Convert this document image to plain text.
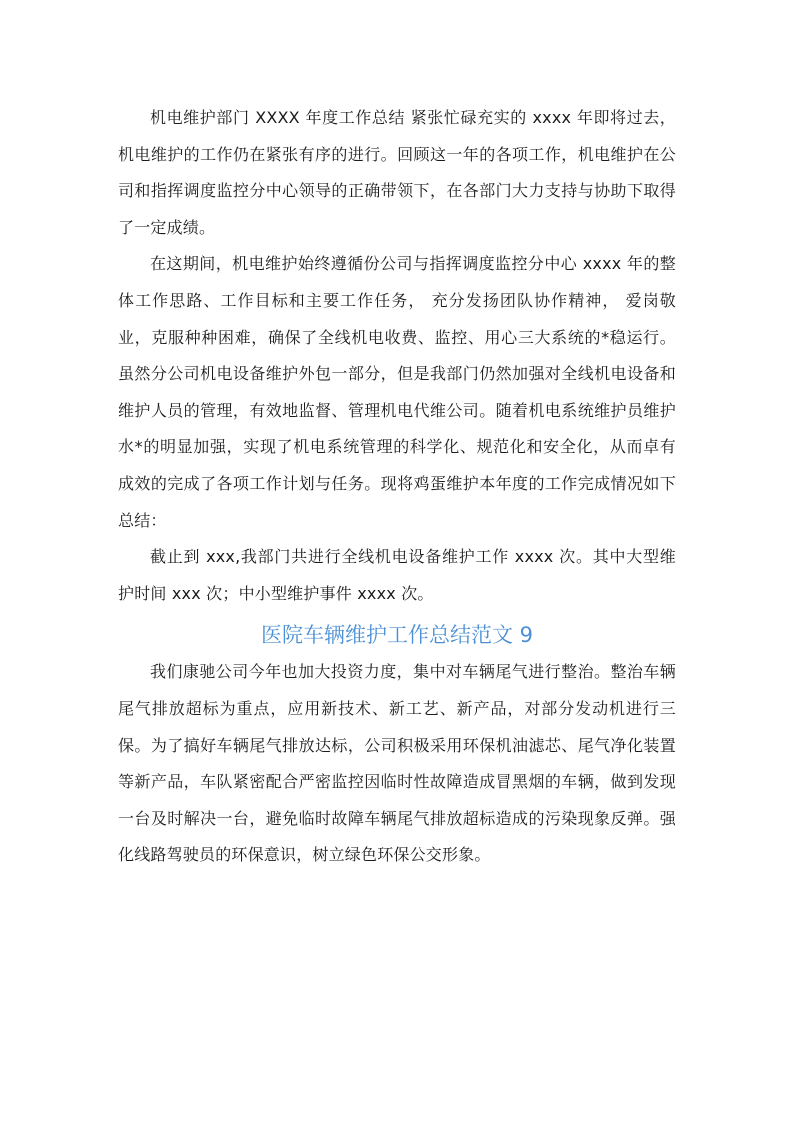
机电维护部门 XXXX 年度工作总结 紧张忙碌充实的 xxxx 年即将过去，机电维护的工作仍在紧张有序的进行。回顾这一年的各项工作，机电维护在公司和指挥调度监控分中心领导的正确带领下，在各部门大力支持与协助下取得了一定成绩。

在这期间，机电维护始终遵循份公司与指挥调度监控分中心 xxxx 年的整体工作思路、工作目标和主要工作任务， 充分发扬团队协作精神， 爱岗敬业，克服种种困难，确保了全线机电收费、监控、用心三大系统的*稳运行。虽然分公司机电设备维护外包一部分，但是我部门仍然加强对全线机电设备和维护人员的管理，有效地监督、管理机电代维公司。随着机电系统维护员维护水*的明显加强，实现了机电系统管理的科学化、规范化和安全化，从而卓有成效的完成了各项工作计划与任务。现将鸡蛋维护本年度的工作完成情况如下总结：

截止到 xxx,我部门共进行全线机电设备维护工作 xxxx 次。其中大型维护时间 xxx 次；中小型维护事件 xxxx 次。

医院车辆维护工作总结范文 9

我们康驰公司今年也加大投资力度，集中对车辆尾气进行整治。整治车辆尾气排放超标为重点，应用新技术、新工艺、新产品，对部分发动机进行三保。为了搞好车辆尾气排放达标，公司积极采用环保机油滤芯、尾气净化装置等新产品，车队紧密配合严密监控因临时性故障造成冒黑烟的车辆，做到发现一台及时解决一台，避免临时故障车辆尾气排放超标造成的污染现象反弹。强化线路驾驶员的环保意识，树立绿色环保公交形象。
